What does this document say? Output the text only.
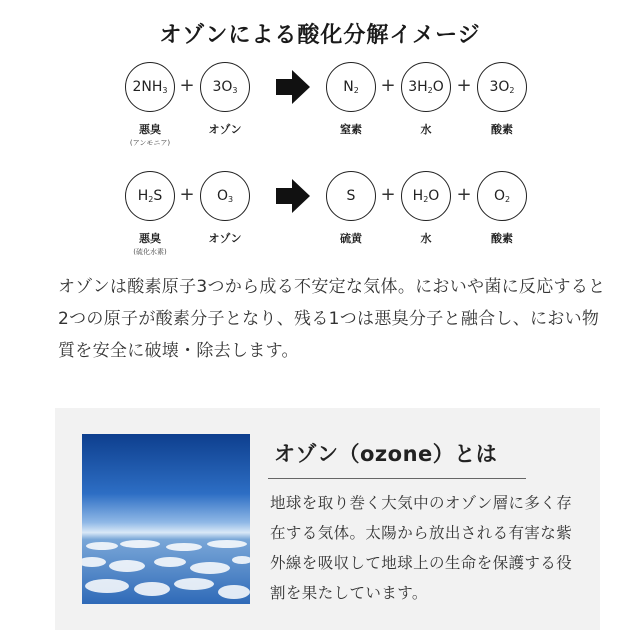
オゾンによる酸化分解イメージ
$2NH_3 + 3O_3$	$N_2 + 3H_2$ $O + 3O_2$
悪臭
(アンモニア)
オゾン	窒素	水	酸素
$H_2$ $S + O_3$	$S + H_2$ $O + O_2$
悪臭
(硫化水素)
オゾン	硫黄	水	酸素
オゾンは酸素原子3つから成る不安定な気体。においや菌に反応すると2つの原子が酸素分子となり、残る1つは悪臭分子と融合し、におい物質を安全に破壊・除去します。
オゾン（ozone）とは
地球を取り巻く大気中のオゾン層に多く存在する気体。太陽から放出される有害な紫外線を吸収して地球上の生命を保護する役割を果たしています。
